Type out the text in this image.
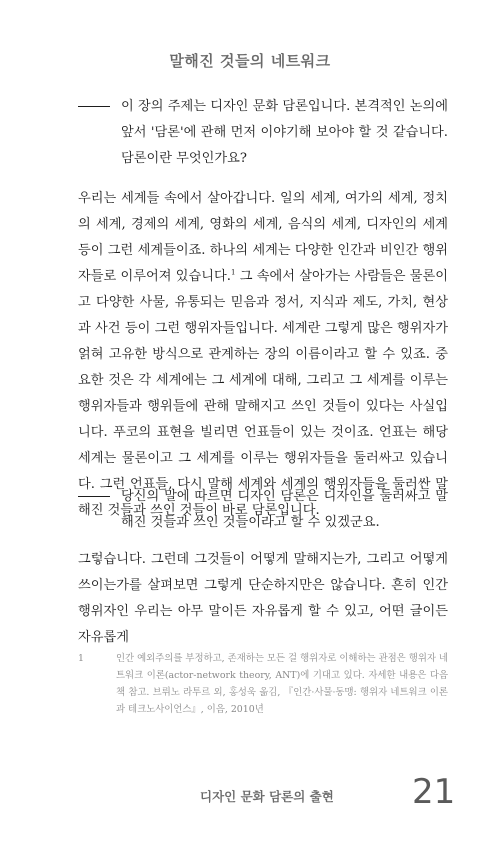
말해진 것들의 네트워크
이 장의 주제는 디자인 문화 담론입니다. 본격적인 논의에 앞서 '담론'에 관해 먼저 이야기해 보아야 할 것 같습니다. 담론이란 무엇인가요?
우리는 세계들 속에서 살아갑니다. 일의 세계, 여가의 세계, 정치의 세계, 경제의 세계, 영화의 세계, 음식의 세계, 디자인의 세계 등이 그런 세계들이죠. 하나의 세계는 다양한 인간과 비인간 행위자들로 이루어져 있습니다.$^1$ 그 속에서 살아가는 사람들은 물론이고 다양한 사물, 유통되는 믿음과 정서, 지식과 제도, 가치, 현상과 사건 등이 그런 행위자들입니다. 세계란 그렇게 많은 행위자가 얽혀 고유한 방식으로 관계하는 장의 이름이라고 할 수 있죠. 중요한 것은 각 세계에는 그 세계에 대해, 그리고 그 세계를 이루는 행위자들과 행위들에 관해 말해지고 쓰인 것들이 있다는 사실입니다. 푸코의 표현을 빌리면 언표들이 있는 것이죠. 언표는 해당 세계는 물론이고 그 세계를 이루는 행위자들을 둘러싸고 있습니다. 그런 언표들, 다시 말해 세계와 세계의 행위자들을 둘러싼 말해진 것들과 쓰인 것들이 바로 담론입니다.
당신의 말에 따르면 디자인 담론은 디자인을 둘러싸고 말해진 것들과 쓰인 것들이라고 할 수 있겠군요.
그렇습니다. 그런데 그것들이 어떻게 말해지는가, 그리고 어떻게 쓰이는가를 살펴보면 그렇게 단순하지만은 않습니다. 흔히 인간 행위자인 우리는 아무 말이든 자유롭게 할 수 있고, 어떤 글이든 자유롭게
1	인간 예외주의를 부정하고, 존재하는 모든 걸 행위자로 이해하는 관점은 행위자 네트워크 이론(actor-network theory, ANT)에 기대고 있다. 자세한 내용은 다음 책 참고. 브뤼노 라투르 외, 홍성욱 옮김, 『인간·사물·동맹: 행위자 네트워크 이론과 테크노사이언스』, 이음, 2010년
디자인 문화 담론의 출현 21
